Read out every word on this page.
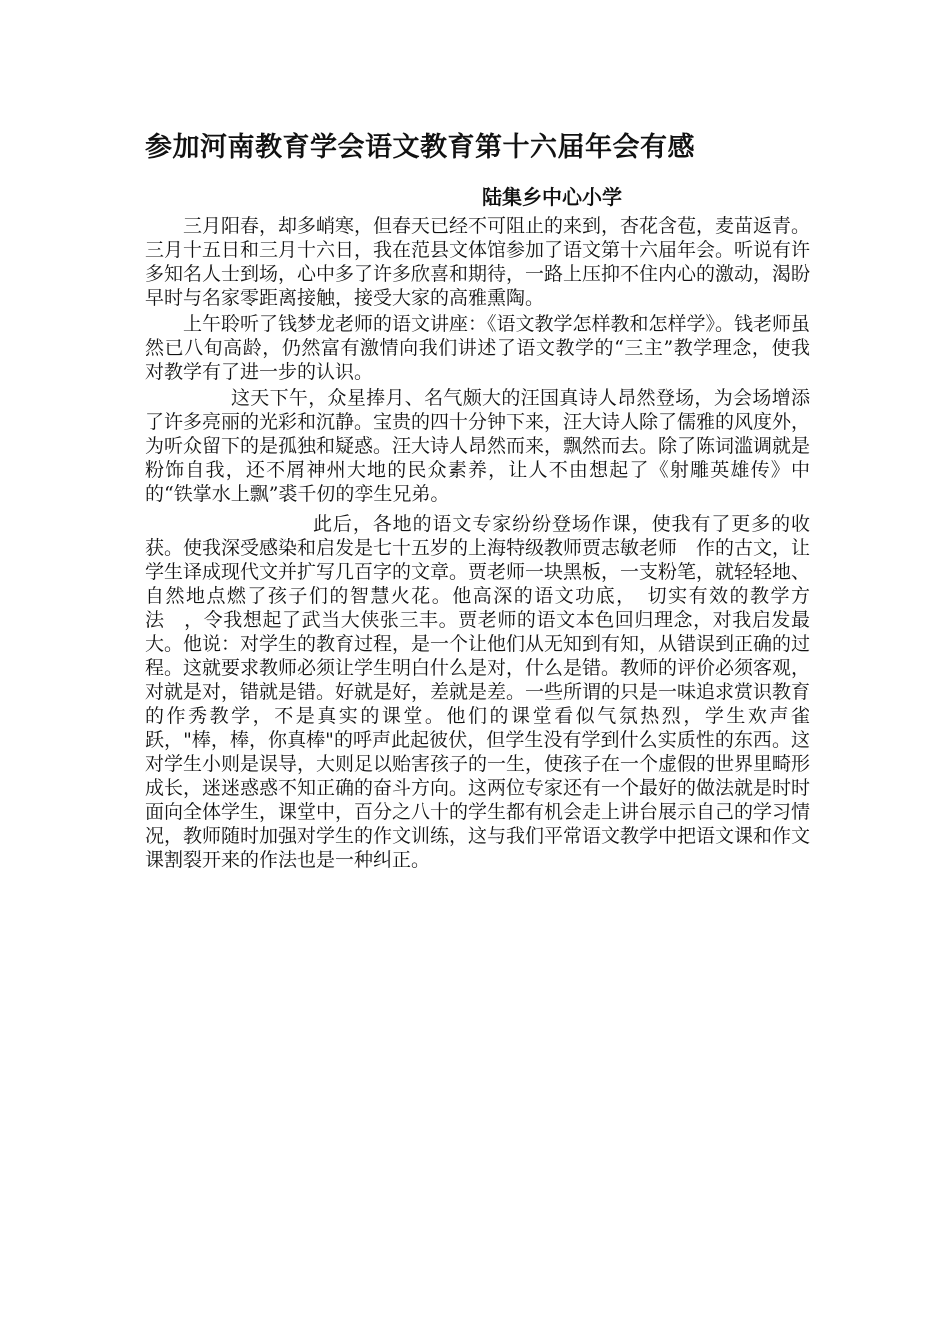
参加河南教育学会语文教育第十六届年会有感
陆集乡中心小学

三月阳春，却多峭寒，但春天已经不可阻止的来到，杏花含苞，麦苗返青。三月十五日和三月十六日，我在范县文体馆参加了语文第十六届年会。听说有许多知名人士到场，心中多了许多欣喜和期待，一路上压抑不住内心的激动，渴盼早时与名家零距离接触，接受大家的高雅熏陶。

上午聆听了钱梦龙老师的语文讲座：《语文教学怎样教和怎样学》。钱老师虽然已八旬高龄，仍然富有激情向我们讲述了语文教学的“三主”教学理念，使我对教学有了进一步的认识。

这天下午，众星捧月、名气颇大的汪国真诗人昂然登场，为会场增添了许多亮丽的光彩和沉静。宝贵的四十分钟下来，汪大诗人除了儒雅的风度外，为听众留下的是孤独和疑惑。汪大诗人昂然而来，飘然而去。除了陈词滥调就是粉饰自我，还不屑神州大地的民众素养，让人不由想起了《射雕英雄传》中的“铁掌水上飘”裘千仞的孪生兄弟。

此后，各地的语文专家纷纷登场作课，使我有了更多的收获。使我深受感染和启发是七十五岁的上海特级教师贾志敏老师　作的古文，让学生译成现代文并扩写几百字的文章。贾老师一块黑板，一支粉笔，就轻轻地、自然地点燃了孩子们的智慧火花。他高深的语文功底，　切实有效的教学方法　，令我想起了武当大侠张三丰。贾老师的语文本色回归理念，对我启发最大。他说：对学生的教育过程，是一个让他们从无知到有知，从错误到正确的过程。这就要求教师必须让学生明白什么是对，什么是错。教师的评价必须客观，对就是对，错就是错。好就是好，差就是差。一些所谓的只是一味追求赏识教育的作秀教学，不是真实的课堂。他们的课堂看似气氛热烈，学生欢声雀跃，"棒，棒，你真棒"的呼声此起彼伏，但学生没有学到什么实质性的东西。这对学生小则是误导，大则足以贻害孩子的一生，使孩子在一个虚假的世界里畸形成长，迷迷惑惑不知正确的奋斗方向。这两位专家还有一个最好的做法就是时时面向全体学生，课堂中，百分之八十的学生都有机会走上讲台展示自己的学习情况，教师随时加强对学生的作文训练，这与我们平常语文教学中把语文课和作文课割裂开来的作法也是一种纠正。
